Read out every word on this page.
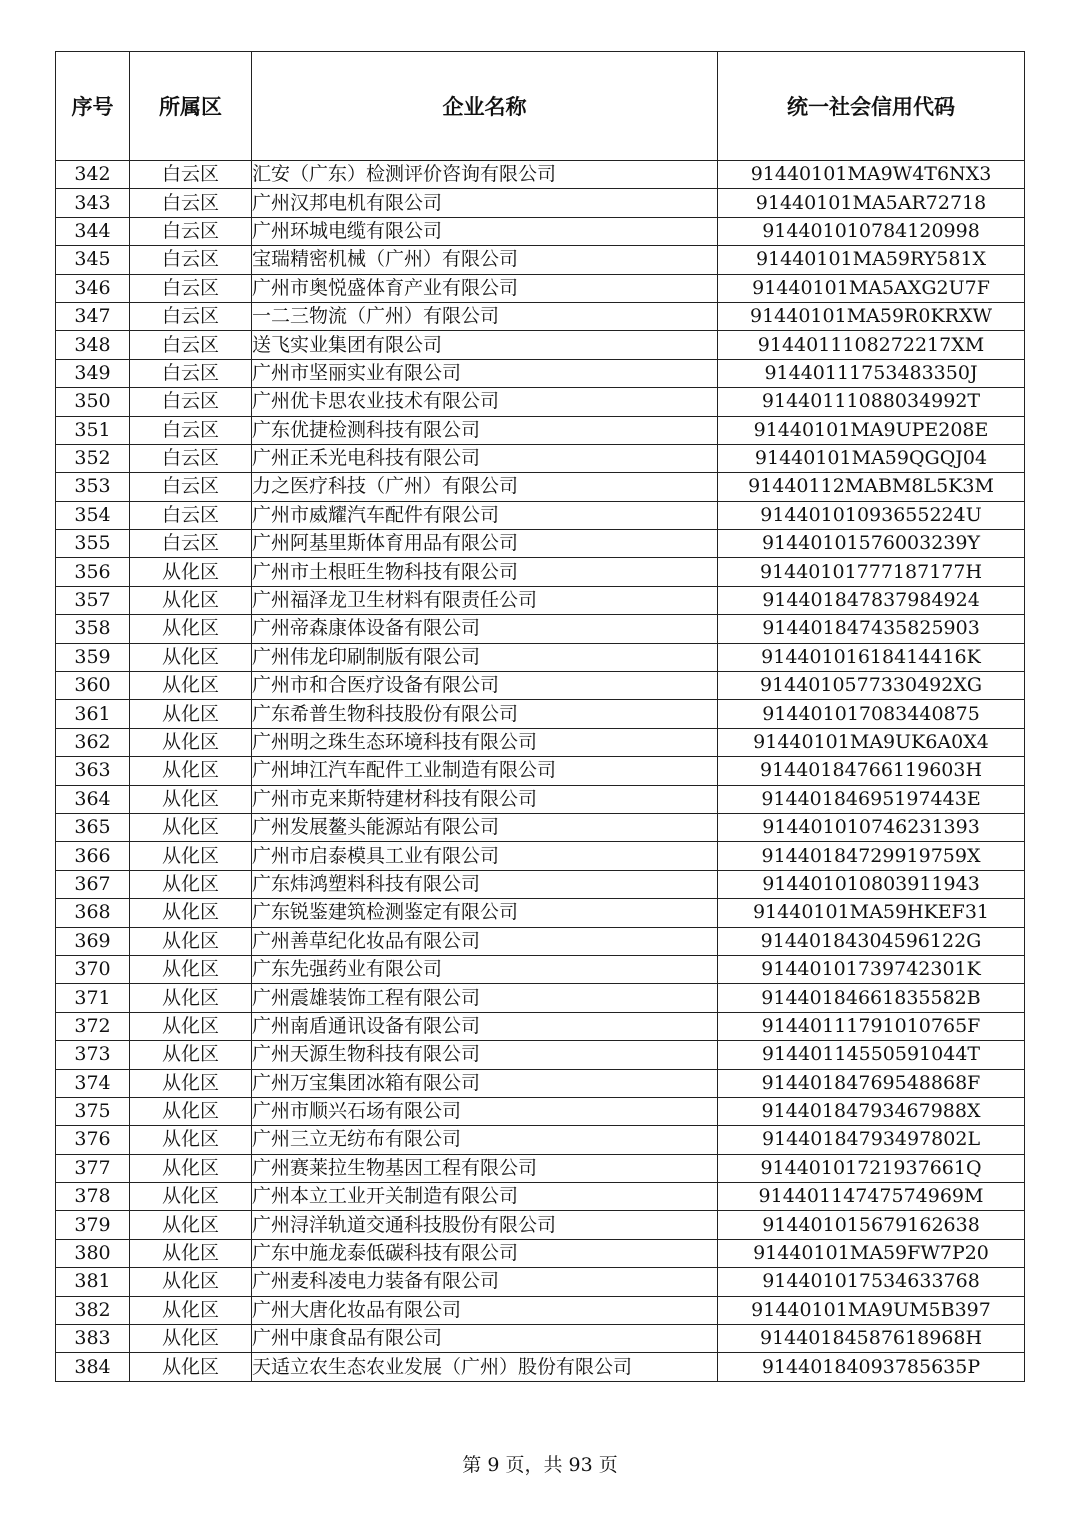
序号	所属区	企业名称	统一社会信用代码
342	白云区	汇安（广东）检测评价咨询有限公司	91440101MA9W4T6NX3
343	白云区	广州汉邦电机有限公司	91440101MA5AR72718
344	白云区	广州环城电缆有限公司	914401010784120998
345	白云区	宝瑞精密机械（广州）有限公司	91440101MA59RY581X
346	白云区	广州市奥悦盛体育产业有限公司	91440101MA5AXG2U7F
347	白云区	一二三物流（广州）有限公司	91440101MA59R0KRXW
348	白云区	送飞实业集团有限公司	9144011108272217XM
349	白云区	广州市坚丽实业有限公司	91440111753483350J
350	白云区	广州优卡思农业技术有限公司	91440111088034992T
351	白云区	广东优捷检测科技有限公司	91440101MA9UPE208E
352	白云区	广州正禾光电科技有限公司	91440101MA59QGQJ04
353	白云区	力之医疗科技（广州）有限公司	91440112MABM8L5K3M
354	白云区	广州市威耀汽车配件有限公司	91440101093655224U
355	白云区	广州阿基里斯体育用品有限公司	91440101576003239Y
356	从化区	广州市土根旺生物科技有限公司	91440101777187177H
357	从化区	广州福泽龙卫生材料有限责任公司	914401847837984924
358	从化区	广州帝森康体设备有限公司	914401847435825903
359	从化区	广州伟龙印刷制版有限公司	91440101618414416K
360	从化区	广州市和合医疗设备有限公司	9144010577330492XG
361	从化区	广东希普生物科技股份有限公司	914401017083440875
362	从化区	广州明之珠生态环境科技有限公司	91440101MA9UK6A0X4
363	从化区	广州坤江汽车配件工业制造有限公司	91440184766119603H
364	从化区	广州市克来斯特建材科技有限公司	91440184695197443E
365	从化区	广州发展鳌头能源站有限公司	914401010746231393
366	从化区	广州市启泰模具工业有限公司	9144018472991975​9X
367	从化区	广东炜鸿塑料科技有限公司	914401010803911943
368	从化区	广东锐鉴建筑检测鉴定有限公司	91440101MA59HKEF31
369	从化区	广州善草纪化妆品有限公司	91440184304596122G
370	从化区	广东先强药业有限公司	91440101739742301K
371	从化区	广州震雄装饰工程有限公司	91440184661835582B
372	从化区	广州南盾通讯设备有限公司	91440111791010765F
373	从化区	广州天源生物科技有限公司	91440114550591044T
374	从化区	广州万宝集团冰箱有限公司	91440184769548868F
375	从化区	广州市顺兴石场有限公司	91440184793467988X
376	从化区	广州三立无纺布有限公司	91440184793497802L
377	从化区	广州赛莱拉生物基因工程有限公司	91440101721937661Q
378	从化区	广州本立工业开关制造有限公司	91440114747574969M
379	从化区	广州浔洋轨道交通科技股份有限公司	914401015679162638
380	从化区	广东中施龙泰低碳科技有限公司	91440101MA59FW7P20
381	从化区	广州麦科凌电力装备有限公司	914401017534633768
382	从化区	广州大唐化妆品有限公司	91440101MA9UM5B397
383	从化区	广州中康食品有限公司	91440184587618968H
384	从化区	天适立农生态农业发展（广州）股份有限公司	91440184093785635P
第 9 页，共 93 页
